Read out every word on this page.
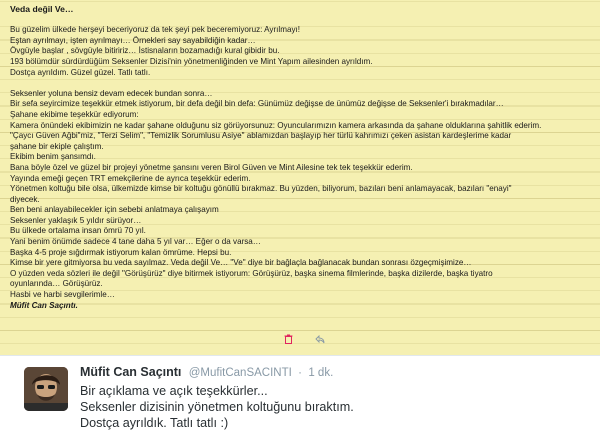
Veda değil Ve…
Bu güzelim ülkede herşeyi beceriyoruz da tek şeyi pek beceremiyoruz: Ayrılmayı!
Eştan ayrılmayı, işten ayrılmayı… Örnekleri say sayabildiğin kadar…
Övgüyle başlar , sövgüyle bitiririz… İstisnaların bozamadığı kural gibidir bu.
193 bölümdür sürdürdüğüm Seksenler Dizisi'nin yönetmenliğinden ve Mint Yapım ailesinden ayrıldım.
Dostça ayrıldım. Güzel güzel. Tatlı tatlı.
Seksenler yoluna bensiz devam edecek bundan sonra…
Bir sefa seyircimize teşekkür etmek istiyorum, bir defa değil bin defa: Günümüz değişse de ünümüz değişse de Seksenler'i bırakmadılar…
Şahane ekibime teşekkür ediyorum:
Kamera önündeki ekibimizin ne kadar şahane olduğunu siz görüyorsunuz: Oyuncularımızın kamera arkasında da şahane olduklarına şahitlik ederim.
"Çaycı Güven Ağbi"miz, "Terzi Selim", "Temizlik Sorumlusu Asiye" ablamızdan başlayıp her türlü kahrımızı çeken asistan kardeşlerime kadar
şahane bir ekiple çalıştım.
Ekibim benim şansımdı.
Bana böyle özel ve güzel bir projeyi yönetme şansını veren Birol Güven ve Mint Ailesine tek tek teşekkür ederim.
Yayında emeği geçen TRT emekçilerine de ayrıca teşekkür ederim.
Yönetmen koltuğu bile olsa, ülkemizde kimse bir koltuğu gönüllü bırakmaz. Bu yüzden, biliyorum, bazıları beni anlamayacak, bazıları "enayi"
diyecek.
Ben beni anlayabilecekler için sebebi anlatmaya çalışayım
Seksenler yaklaşık 5 yıldır sürüyor…
Bu ülkede ortalama insan ömrü 70 yıl.
Yani benim önümde sadece 4 tane daha 5 yıl var… Eğer o da varsa…
Başka 4-5 proje sığdırmak istiyorum kalan ömrüme. Hepsi bu.
Kimse bir yere gitmiyorsa bu veda sayılmaz. Veda değil Ve… "Ve" diye bir bağlaçla bağlanacak bundan sonrası özgeçmişimize…
O yüzden veda sözleri ile değil "Görüşürüz" diye bitirmek istiyorum: Görüşürüz, başka sinema filmlerinde, başka dizilerde, başka tiyatro
oyunlarında… Görüşürüz.
Hasbi ve harbi sevgilerimle…
Müfit Can Saçıntı.
Müfit Can Saçıntı @MufitCanSACINTI · 1 dk.
Bir açıklama ve açık teşekkürler...
Seksenler dizisinin yönetmen koltuğunu bıraktım.
Dostça ayrıldık. Tatlı tatlı :)
